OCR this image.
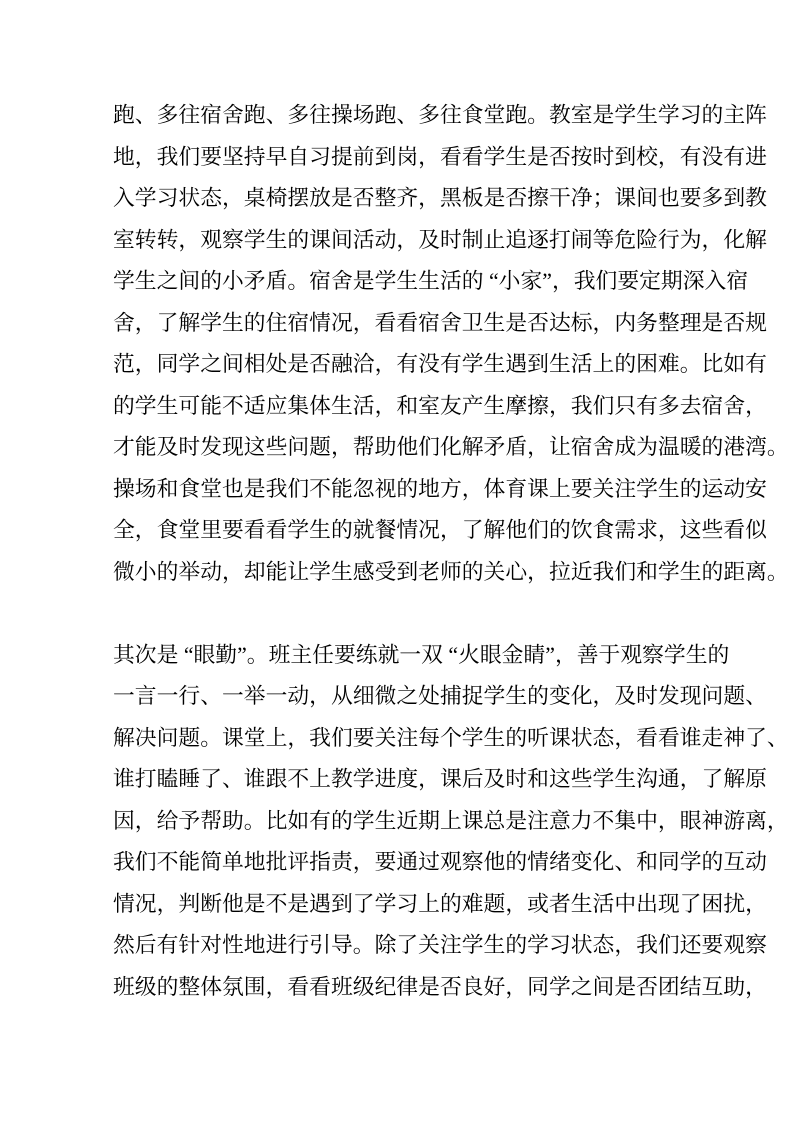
跑、多往宿舍跑、多往操场跑、多往食堂跑。教室是学生学习的主阵
地，我们要坚持早自习提前到岗，看看学生是否按时到校，有没有进
入学习状态，桌椅摆放是否整齐，黑板是否擦干净；课间也要多到教
室转转，观察学生的课间活动，及时制止追逐打闹等危险行为，化解
学生之间的小矛盾。宿舍是学生生活的 “小家”，我们要定期深入宿
舍，了解学生的住宿情况，看看宿舍卫生是否达标，内务整理是否规
范，同学之间相处是否融洽，有没有学生遇到生活上的困难。比如有
的学生可能不适应集体生活，和室友产生摩擦，我们只有多去宿舍，
才能及时发现这些问题，帮助他们化解矛盾，让宿舍成为温暖的港湾。
操场和食堂也是我们不能忽视的地方，体育课上要关注学生的运动安
全，食堂里要看看学生的就餐情况，了解他们的饮食需求，这些看似
微小的举动，却能让学生感受到老师的关心，拉近我们和学生的距离。
其次是 “眼勤”。班主任要练就一双 “火眼金睛”，善于观察学生的
一言一行、一举一动，从细微之处捕捉学生的变化，及时发现问题、
解决问题。课堂上，我们要关注每个学生的听课状态，看看谁走神了、
谁打瞌睡了、谁跟不上教学进度，课后及时和这些学生沟通，了解原
因，给予帮助。比如有的学生近期上课总是注意力不集中，眼神游离，
我们不能简单地批评指责，要通过观察他的情绪变化、和同学的互动
情况，判断他是不是遇到了学习上的难题，或者生活中出现了困扰，
然后有针对性地进行引导。除了关注学生的学习状态，我们还要观察
班级的整体氛围，看看班级纪律是否良好，同学之间是否团结互助，
